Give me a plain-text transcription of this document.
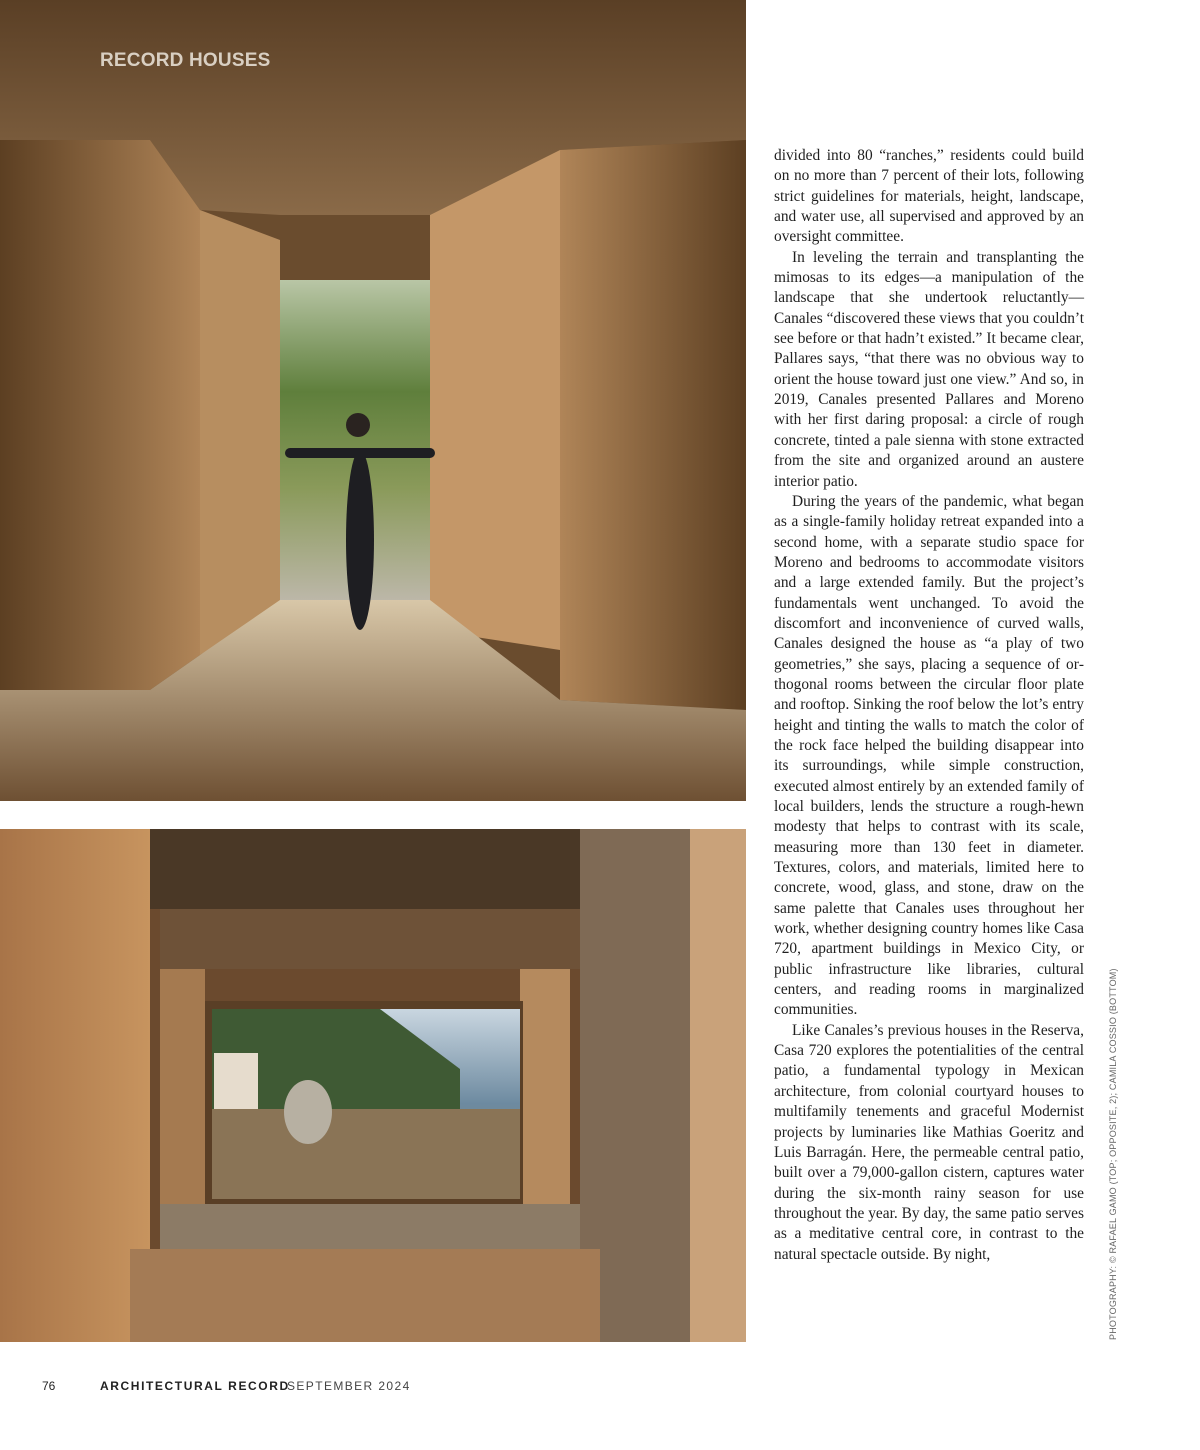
RECORD HOUSES

divided into 80 “ranches,” residents could build on no more than 7 percent of their lots, following strict guidelines for materials, height, landscape, and water use, all supervised and approved by an oversight committee.

In leveling the terrain and transplanting the mimosas to its edges—a manipulation of the landscape that she undertook reluctantly—Canales “discovered these views that you couldn’t see before or that hadn’t existed.” It became clear, Pallares says, “that there was no obvious way to orient the house toward just one view.” And so, in 2019, Canales presented Pallares and Moreno with her first daring proposal: a circle of rough concrete, tinted a pale sienna with stone extracted from the site and organized around an austere interior patio.

During the years of the pandemic, what began as a single-family holiday retreat expanded into a second home, with a separate studio space for Moreno and bedrooms to accommodate visitors and a large extended family. But the project’s fundamentals went unchanged. To avoid the discomfort and inconvenience of curved walls, Canales designed the house as “a play of two geometries,” she says, placing a sequence of orthogonal rooms between the circular floor plate and rooftop. Sinking the roof below the lot’s entry height and tinting the walls to match the color of the rock face helped the building disappear into its surroundings, while simple construction, executed almost entirely by an extended family of local builders, lends the structure a rough-hewn modesty that helps to contrast with its scale, measuring more than 130 feet in diameter. Textures, colors, and materials, limited here to concrete, wood, glass, and stone, draw on the same palette that Canales uses throughout her work, whether designing country homes like Casa 720, apartment buildings in Mexico City, or public infrastructure like libraries, cultural centers, and reading rooms in marginalized communities.

Like Canales’s previous houses in the Reserva, Casa 720 explores the potentialities of the central patio, a fundamental typology in Mexican architecture, from colonial courtyard houses to multifamily tenements and graceful Modernist projects by luminaries like Mathias Goeritz and Luis Barragán. Here, the permeable central patio, built over a 79,000-gallon cistern, captures water during the six-month rainy season for use throughout the year. By day, the same patio serves as a meditative central core, in contrast to the natural spectacle outside. By night,	PHOTOGRAPHY: © RAFAEL GAMO (TOP; OPPOSITE, 2); CAMILA COSSIO (BOTTOM)
76	ARCHITECTURAL RECORD
SEPTEMBER 2024
